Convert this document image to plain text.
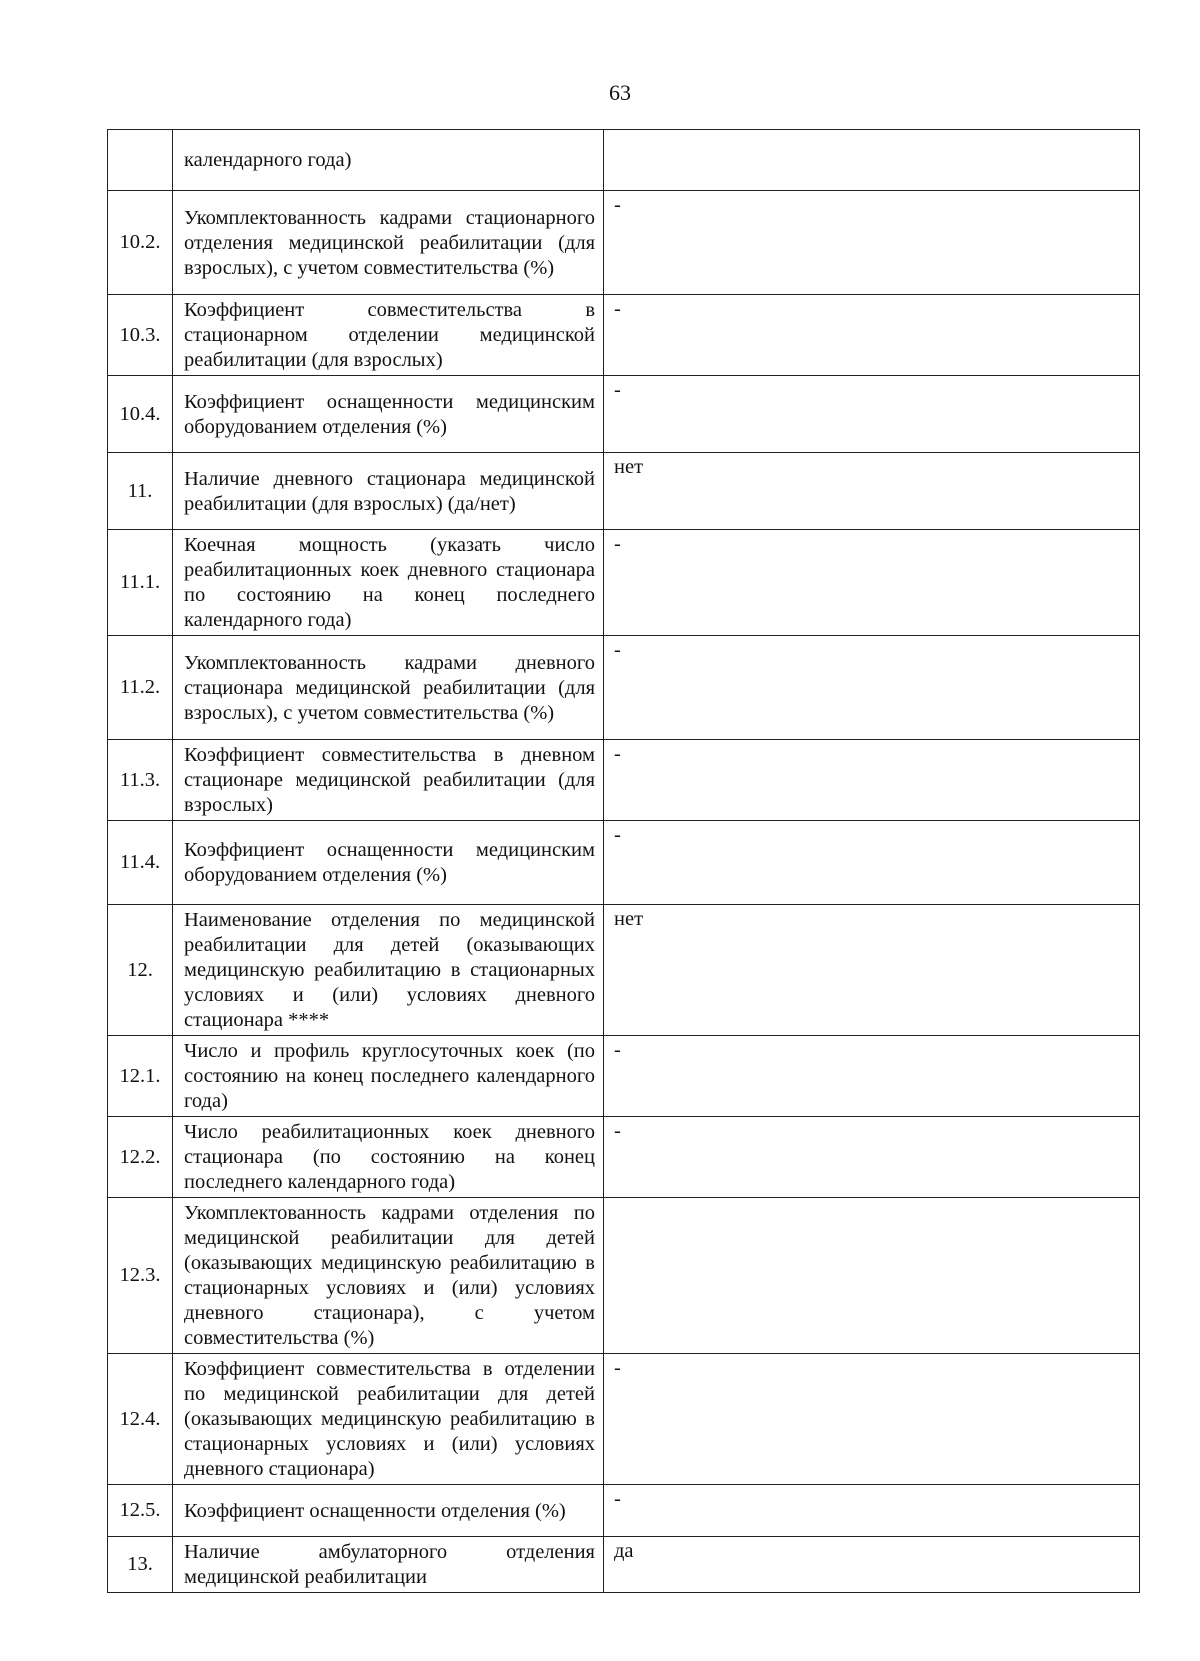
63
	календарного года)	
10.2.	Укомплектованность кадрами стационарного отделения медицинской реабилитации (для взрослых), с учетом совместительства (%)	-
10.3.	Коэффициент совместительства в стационарном отделении медицинской реабилитации (для взрослых)	-
10.4.	Коэффициент оснащенности медицинским оборудованием отделения (%)	-
11.	Наличие дневного стационара медицинской реабилитации (для взрослых) (да/нет)	нет
11.1.	Коечная мощность (указать число реабилитационных коек дневного стационара по состоянию на конец последнего календарного года)	-
11.2.	Укомплектованность кадрами дневного стационара медицинской реабилитации (для взрослых), с учетом совместительства (%)	-
11.3.	Коэффициент совместительства в дневном стационаре медицинской реабилитации (для взрослых)	-
11.4.	Коэффициент оснащенности медицинским оборудованием отделения (%)	-
12.	Наименование отделения по медицинской реабилитации для детей (оказывающих медицинскую реабилитацию в стационарных условиях и (или) условиях дневного стационара ****	нет
12.1.	Число и профиль круглосуточных коек (по состоянию на конец последнего календарного года)	-
12.2.	Число реабилитационных коек дневного стационара (по состоянию на конец последнего календарного года)	-
12.3.	Укомплектованность кадрами отделения по медицинской реабилитации для детей (оказывающих медицинскую реабилитацию в стационарных условиях и (или) условиях дневного стационара), с учетом совместительства (%)	
12.4.	Коэффициент совместительства в отделении по медицинской реабилитации для детей (оказывающих медицинскую реабилитацию в стационарных условиях и (или) условиях дневного стационара)	-
12.5.	Коэффициент оснащенности отделения (%)	-
13.	Наличие амбулаторного отделения медицинской реабилитации	да
